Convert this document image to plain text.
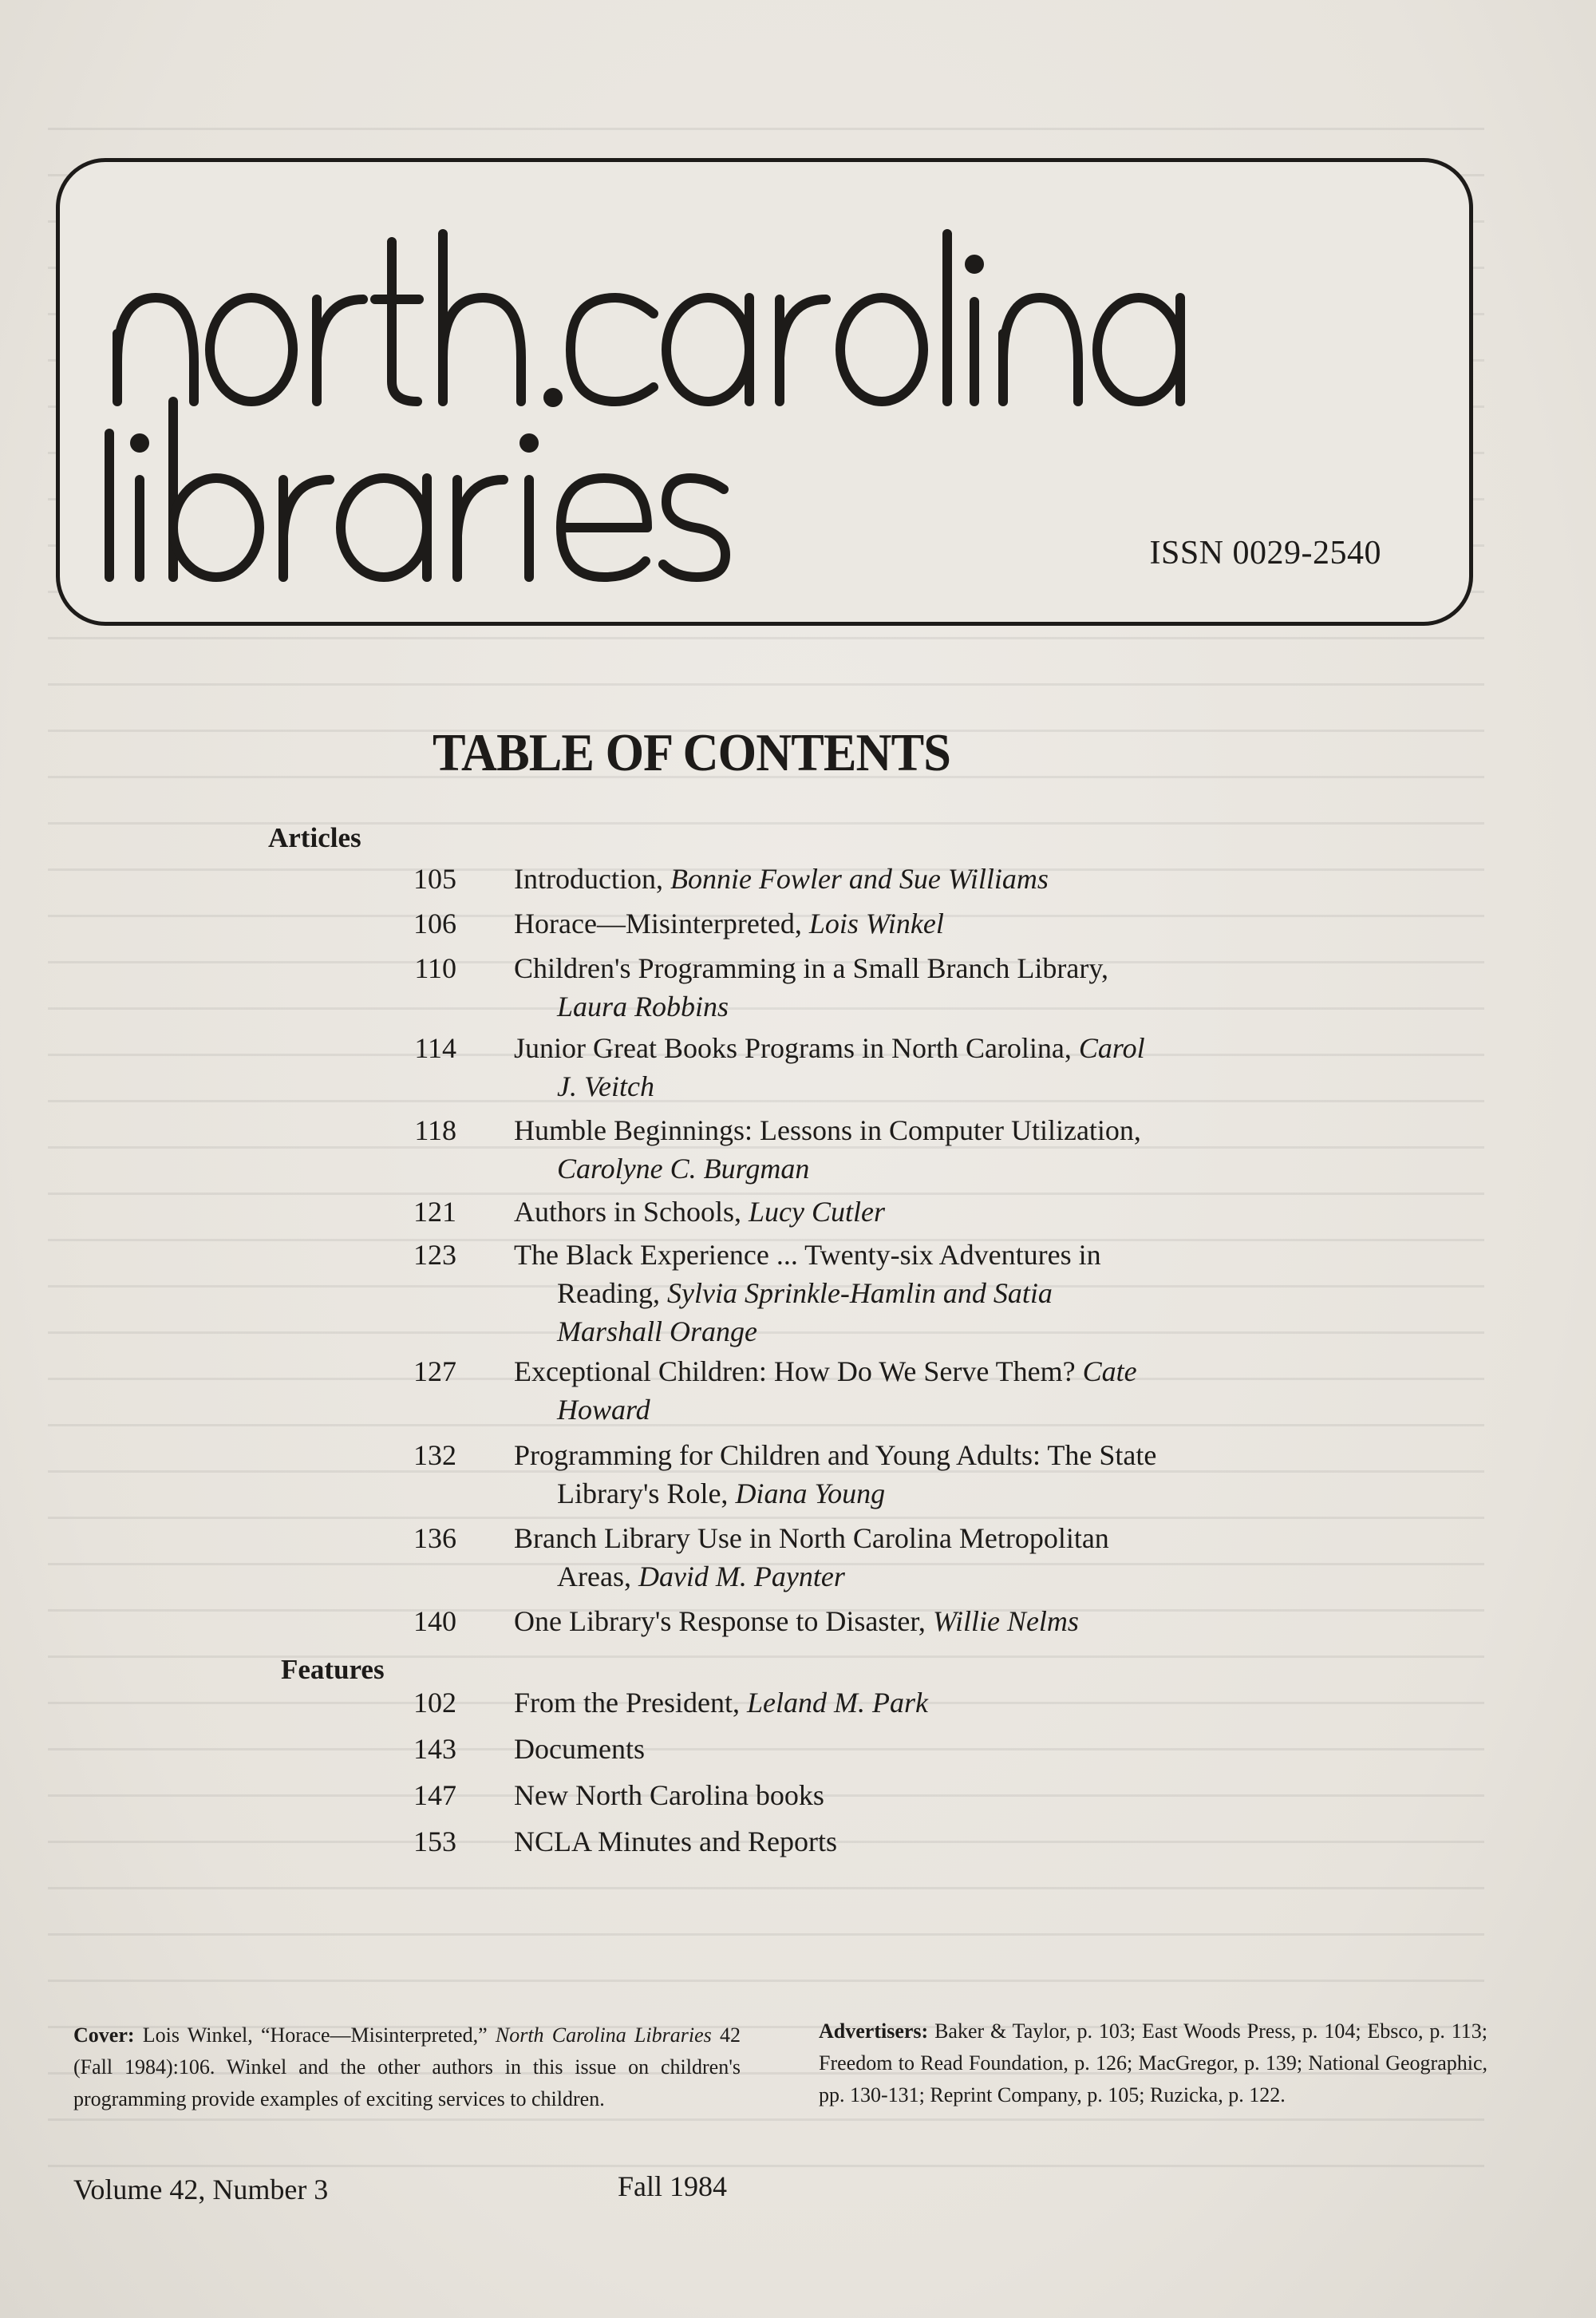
ISSN 0029-2540
TABLE OF CONTENTS
Articles
Features
105 Introduction, Bonnie Fowler and Sue Williams
106 Horace—Misinterpreted, Lois Winkel
110 Children's Programming in a Small Branch Library,
Laura Robbins
114 Junior Great Books Programs in North Carolina, Carol
J. Veitch
118 Humble Beginnings: Lessons in Computer Utilization,
Carolyne C. Burgman
121 Authors in Schools, Lucy Cutler
123 The Black Experience ... Twenty-six Adventures in
Reading, Sylvia Sprinkle-Hamlin and Satia
Marshall Orange
127 Exceptional Children: How Do We Serve Them? Cate
Howard
132 Programming for Children and Young Adults: The State
Library's Role, Diana Young
136 Branch Library Use in North Carolina Metropolitan
Areas, David M. Paynter
140 One Library's Response to Disaster, Willie Nelms
102 From the President, Leland M. Park
143 Documents
147 New North Carolina books
153 NCLA Minutes and Reports
Cover: Lois Winkel, “Horace—Misinterpreted,” North Carolina Libraries 42 (Fall 1984):106. Winkel and the other authors in this issue on children's programming provide examples of exciting services to children.
Advertisers: Baker & Taylor, p. 103; East Woods Press, p. 104; Ebsco, p. 113; Freedom to Read Foundation, p. 126; MacGregor, p. 139; National Geographic, pp. 130-131; Reprint Company, p. 105; Ruzicka, p. 122.
Volume 42, Number 3	Fall 1984
